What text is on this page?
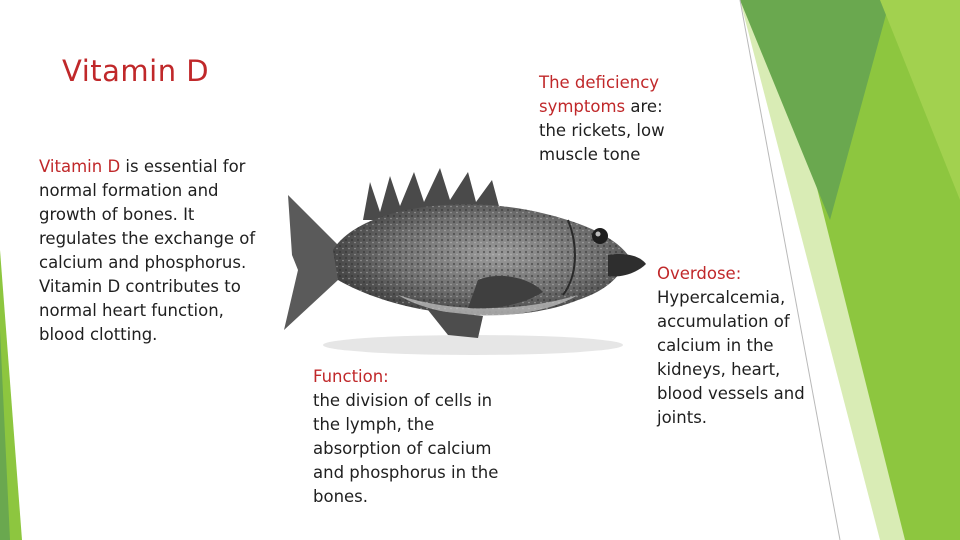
Vitamin D
Vitamin D is essential for
normal formation and
growth of bones. It
regulates the exchange of
calcium and phosphorus.
Vitamin D contributes to
normal heart function,
blood clotting.
The deficiency
symptoms are:
the rickets, low
muscle tone
Function:
the division of cells in
the lymph, the
absorption of calcium
and phosphorus in the
bones.
Overdose:
Hypercalcemia,
accumulation of
calcium in the
kidneys, heart,
blood vessels and
joints.
